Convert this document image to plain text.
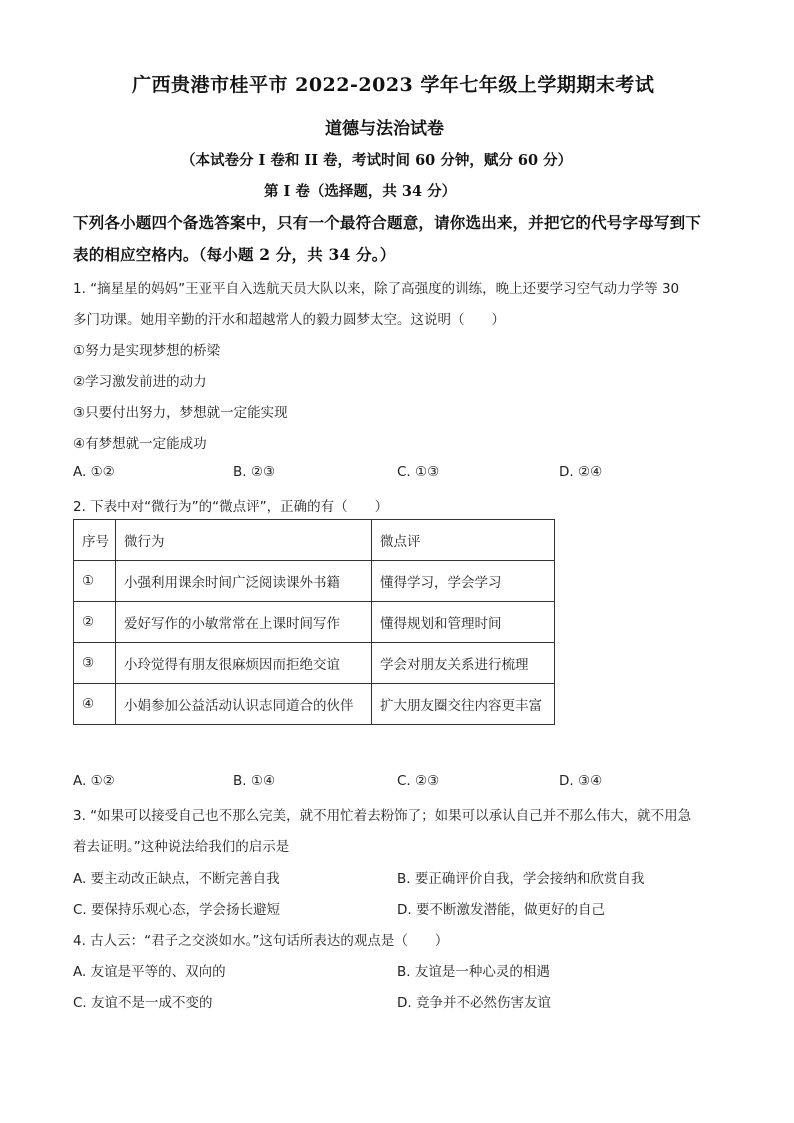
广西贵港市桂平市 2022-2023 学年七年级上学期期末考试
道德与法治试卷
（本试卷分 I 卷和 II 卷，考试时间 60 分钟，赋分 60 分）
第 I 卷（选择题，共 34 分）
下列各小题四个备选答案中，只有一个最符合题意，请你选出来，并把它的代号字母写到下
表的相应空格内。（每小题 2 分，共 34 分。）
1. “摘星星的妈妈”王亚平自入选航天员大队以来，除了高强度的训练，晚上还要学习空气动力学等 30
多门功课。她用辛勤的汗水和超越常人的毅力圆梦太空。这说明（　　）
①努力是实现梦想的桥梁
②学习激发前进的动力
③只要付出努力，梦想就一定能实现
④有梦想就一定能成功
A. ①②	B. ②③	C. ①③	D. ②④
2. 下表中对“微行为”的“微点评”，正确的有（　　）
序号	微行为	微点评
①	小强利用课余时间广泛阅读课外书籍	懂得学习，学会学习
②	爱好写作的小敏常常在上课时间写作	懂得规划和管理时间
③	小玲觉得有朋友很麻烦因而拒绝交谊	学会对朋友关系进行梳理
④	小娟参加公益活动认识志同道合的伙伴	扩大朋友圈交往内容更丰富
A. ①②	B. ①④	C. ②③	D. ③④
3. “如果可以接受自己也不那么完美，就不用忙着去粉饰了；如果可以承认自己并不那么伟大，就不用急
着去证明。”这种说法给我们的启示是
A. 要主动改正缺点，不断完善自我	B. 要正确评价自我，学会接纳和欣赏自我
C. 要保持乐观心态，学会扬长避短	D. 要不断激发潜能，做更好的自己
4. 古人云：“君子之交淡如水。”这句话所表达的观点是（　　）
A. 友谊是平等的、双向的	B. 友谊是一种心灵的相遇
C. 友谊不是一成不变的	D. 竞争并不必然伤害友谊
